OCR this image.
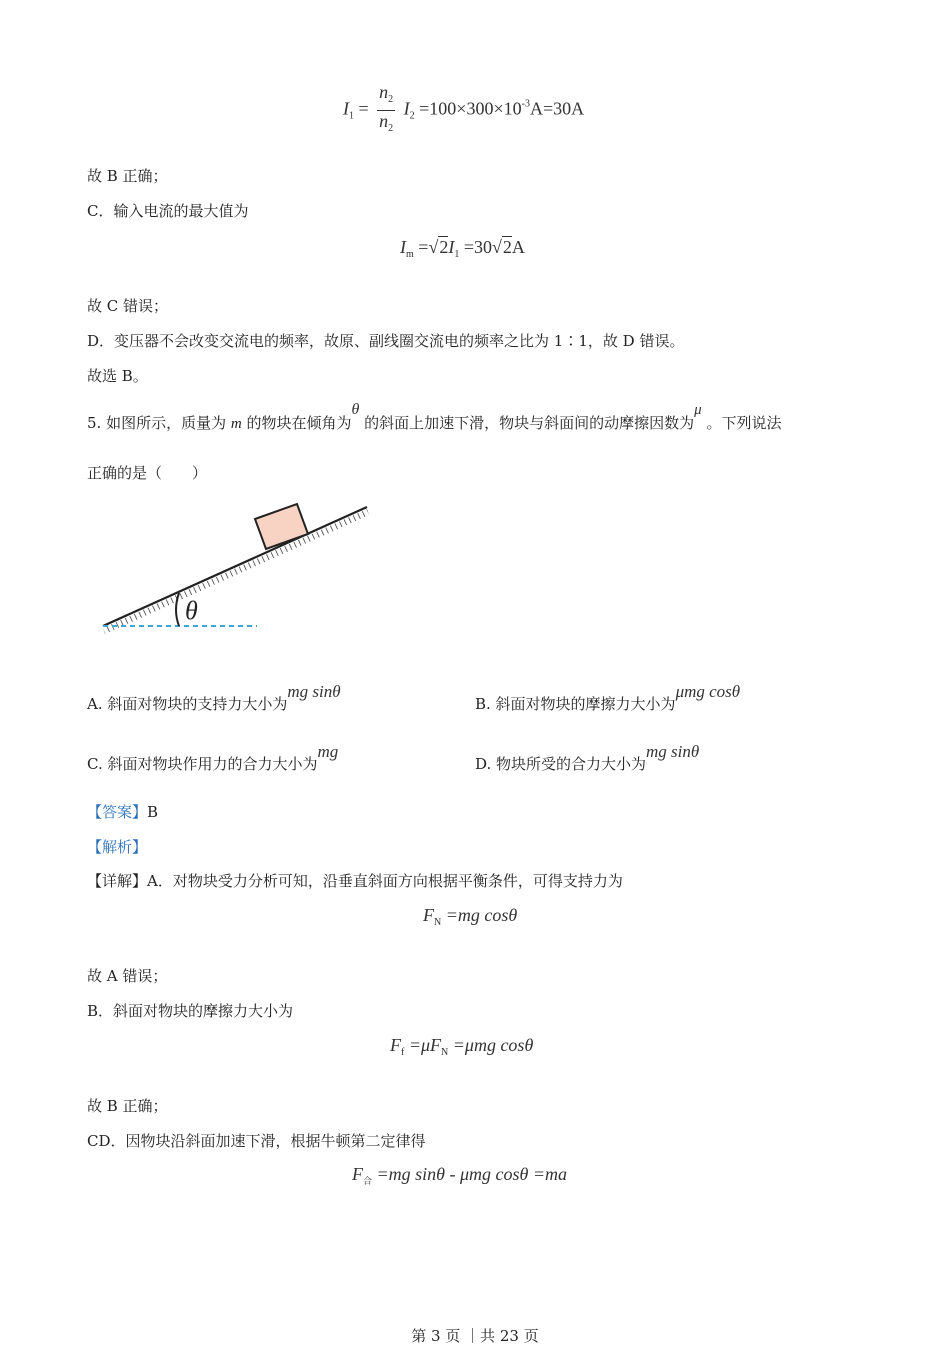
$I_1 = \frac{n_2}{n_2} I_2 =100\times 300\times 10^{-3}A=30A$
故 B 正确；
C．输入电流的最大值为
$I_m =√2I_1 =30√2A$
故 C 错误；
D．变压器不会改变交流电的频率，故原、副线圈交流电的频率之比为 1∶1，故 D 错误。
故选 B。
5. 如图所示，质量为 m 的物块在倾角为θ 的斜面上加速下滑，物块与斜面间的动摩擦因数为μ 。下列说法
正确的是（　　）
θ
A. 斜面对物块的支持力大小为mg sinθ
B. 斜面对物块的摩擦力大小为μmg cosθ
C. 斜面对物块作用力的合力大小为mg
D. 物块所受的合力大小为mg sinθ
【答案】B
【解析】
【详解】A．对物块受力分析可知，沿垂直斜面方向根据平衡条件，可得支持力为
$F_N =mg$ cosθ
故 A 错误；
B．斜面对物块的摩擦力大小为
$F_f =\mu F_N =\mu mg$ cosθ
故 B 正确；
CD．因物块沿斜面加速下滑，根据牛顿第二定律得
$F_合 =mg$ sinθ - μmg cosθ =ma
第 3 页 ｜共 23 页
